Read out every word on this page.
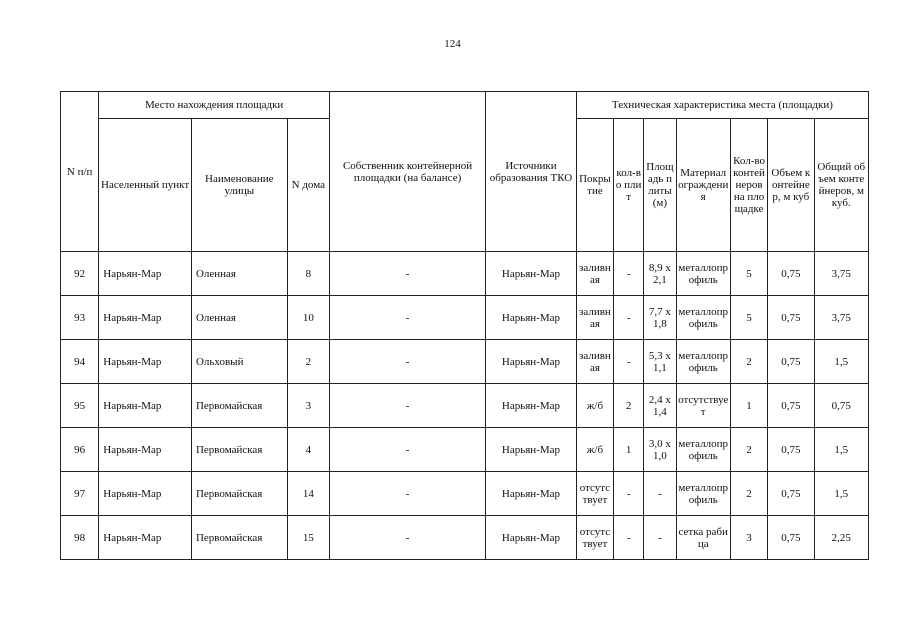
124
N п/п	Место нахождения площадки			Собственник контейнерной площадки (на балансе)	Источники образования ТКО	Техническая характеристика места (площадки)						
	Населенный пункт	Наименование улицы	N дома			Покрытие	кол-во плит	Площадь плиты (м)	Материал ограждения	Кол-во контейнеров на площадке	Объем контейнер, м куб	Общий объем контейнеров, м куб.
92	Нарьян-Мар	Оленная	8	-	Нарьян-Мар	заливная	-	8,9 х 2,1	металлопрофиль	5	0,75	3,75
93	Нарьян-Мар	Оленная	10	-	Нарьян-Мар	заливная	-	7,7 х 1,8	металлопрофиль	5	0,75	3,75
94	Нарьян-Мар	Ольховый	2	-	Нарьян-Мар	заливная	-	5,3 х 1,1	металлопрофиль	2	0,75	1,5
95	Нарьян-Мар	Первомайская	3	-	Нарьян-Мар	ж/б	2	2,4 х 1,4	отсутствует	1	0,75	0,75
96	Нарьян-Мар	Первомайская	4	-	Нарьян-Мар	ж/б	1	3,0 х 1,0	металлопрофиль	2	0,75	1,5
97	Нарьян-Мар	Первомайская	14	-	Нарьян-Мар	отсутствует	-	-	металлопрофиль	2	0,75	1,5
98	Нарьян-Мар	Первомайская	15	-	Нарьян-Мар	отсутствует	-	-	сетка рабица	3	0,75	2,25
